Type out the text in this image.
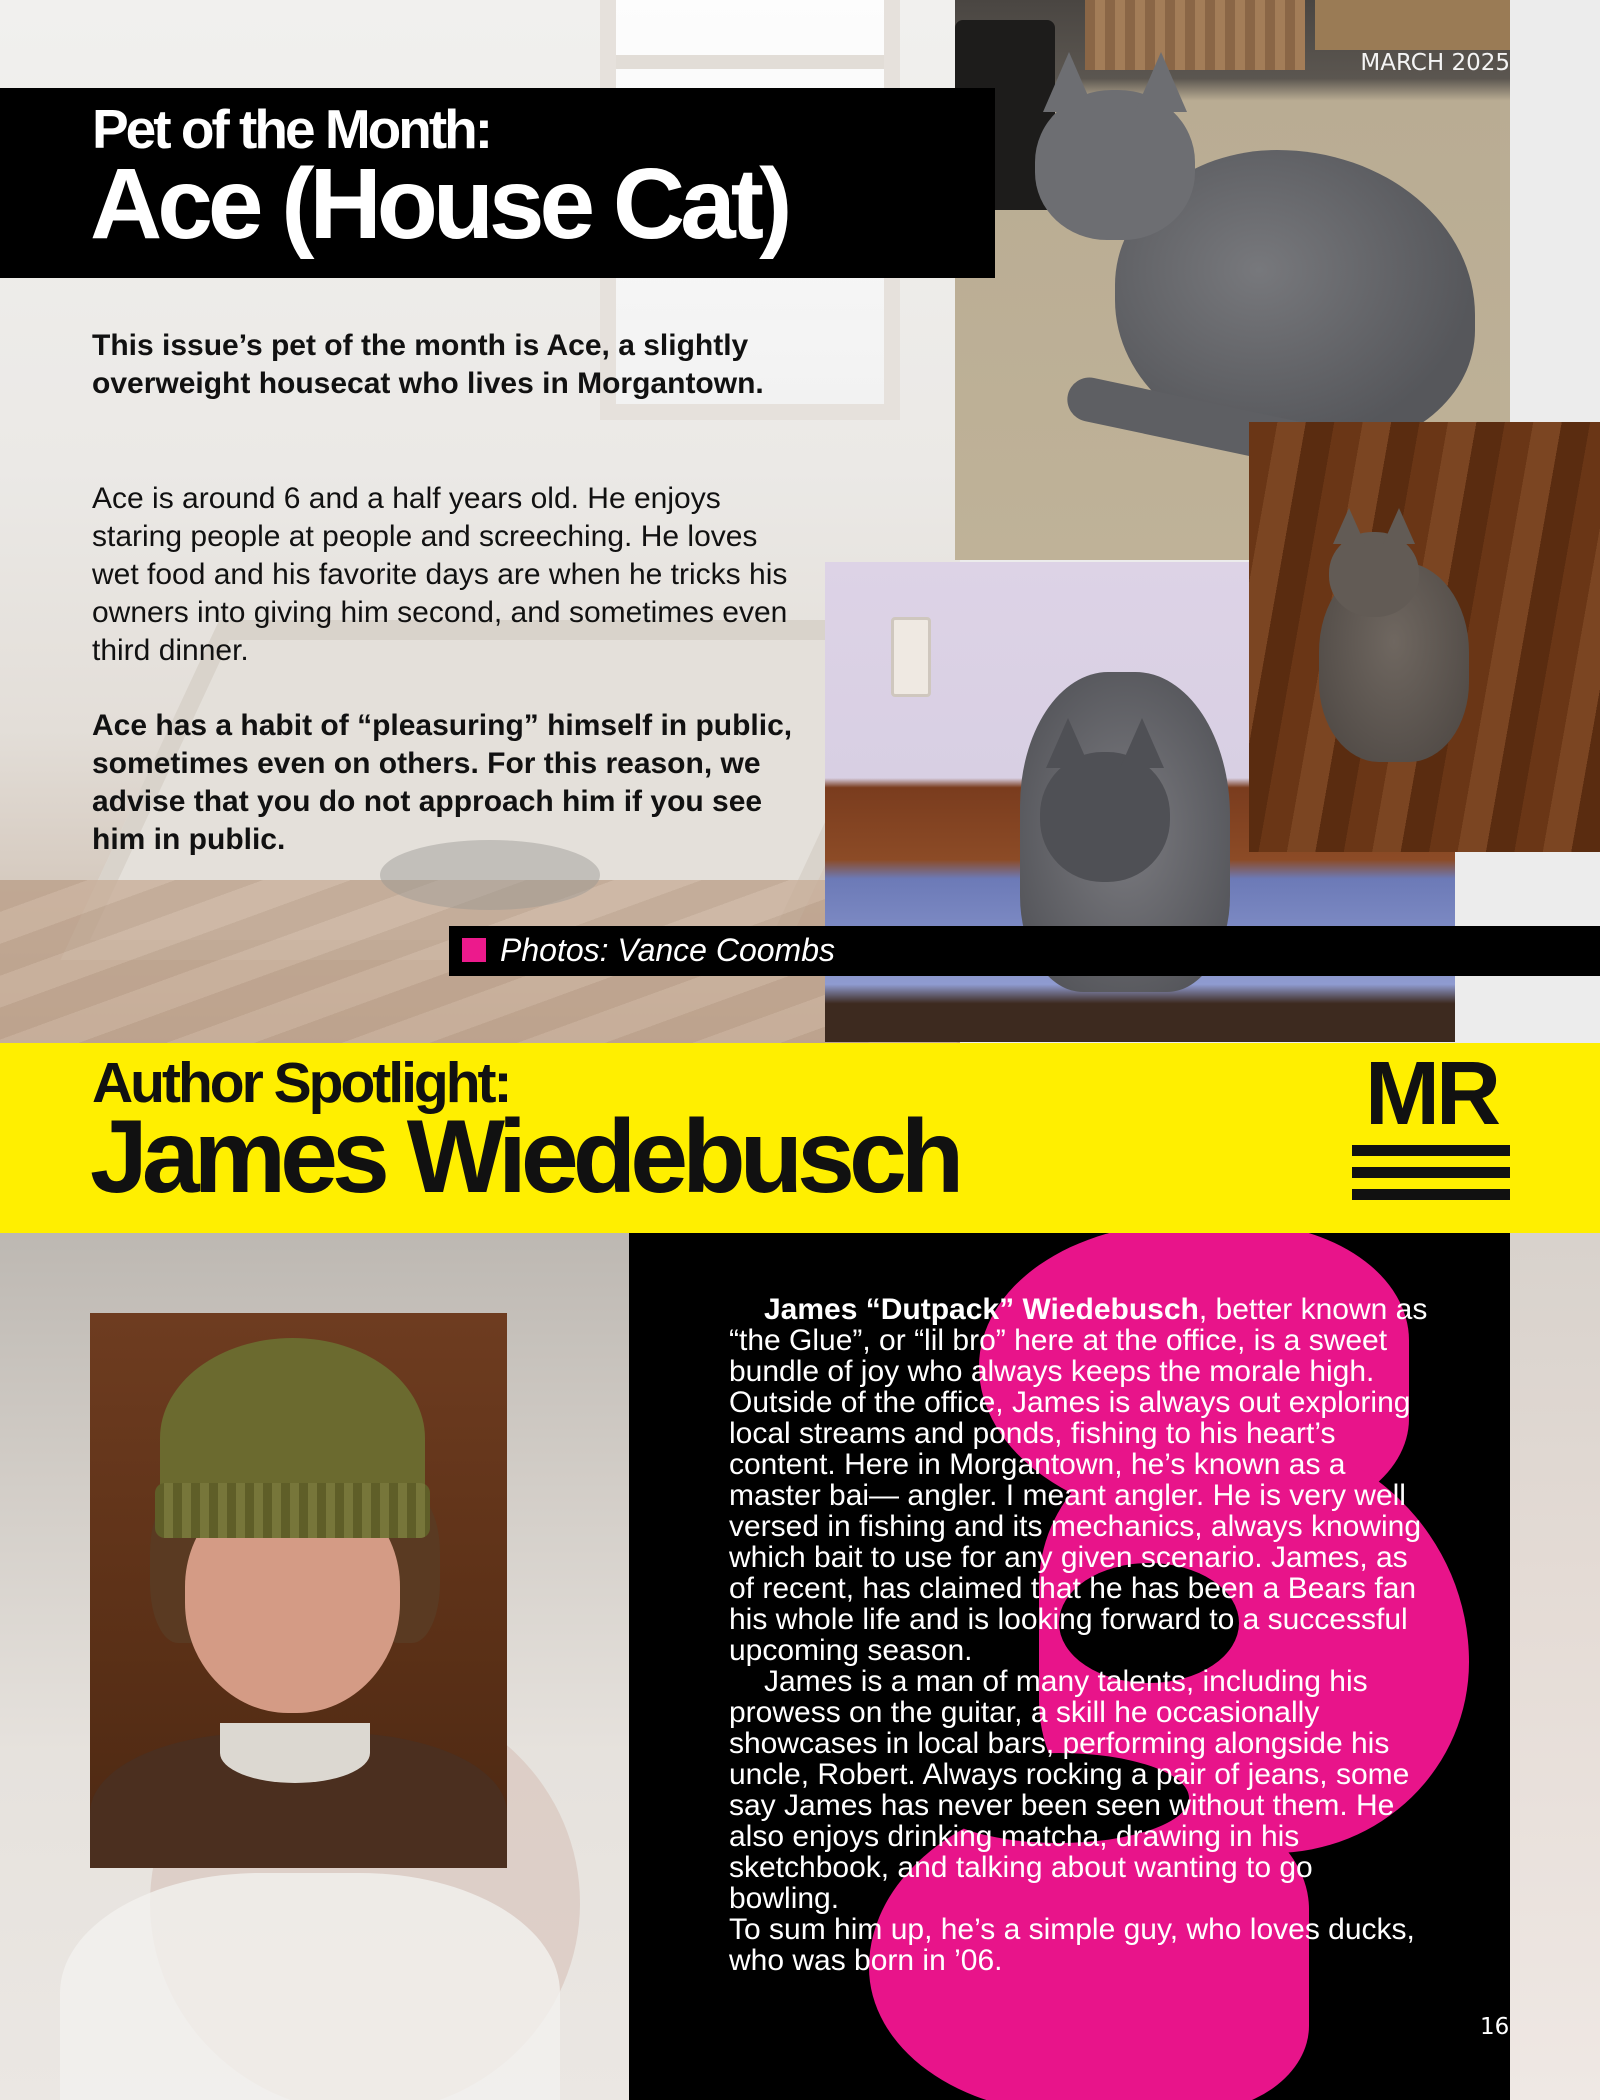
MARCH 2025
Pet of the Month:
Ace (House Cat)
This issue’s pet of the month is Ace, a slightly overweight housecat who lives in Morgantown.
Ace is around 6 and a half years old. He enjoys staring people at people and screeching. He loves wet food and his favorite days are when he tricks his owners into giving him second, and sometimes even third dinner.
Ace has a habit of “pleasuring” himself in public, sometimes even on others. For this reason, we advise that you do not approach him if you see him in public.
Photos: Vance Coombs
Author Spotlight:
James Wiedebusch
MR

James “Dutpack” Wiedebusch, better known as “the Glue”, or “lil bro” here at the office, is a sweet bundle of joy who always keeps the morale high. Outside of the office, James is always out exploring local streams and ponds, fishing to his heart’s content. Here in Morgantown, he’s known as a master bai— angler. I meant angler. He is very well versed in fishing and its mechanics, always knowing which bait to use for any given scenario. James, as of recent, has claimed that he has been a Bears fan his whole life and is looking forward to a successful upcoming season.

James is a man of many talents, including his prowess on the guitar, a skill he occasionally showcases in local bars, performing alongside his uncle, Robert. Always rocking a pair of jeans, some say James has never been seen without them. He also enjoys drinking matcha, drawing in his sketchbook, and talking about wanting to go bowling.

To sum him up, he’s a simple guy, who loves ducks, who was born in ’06.

16
